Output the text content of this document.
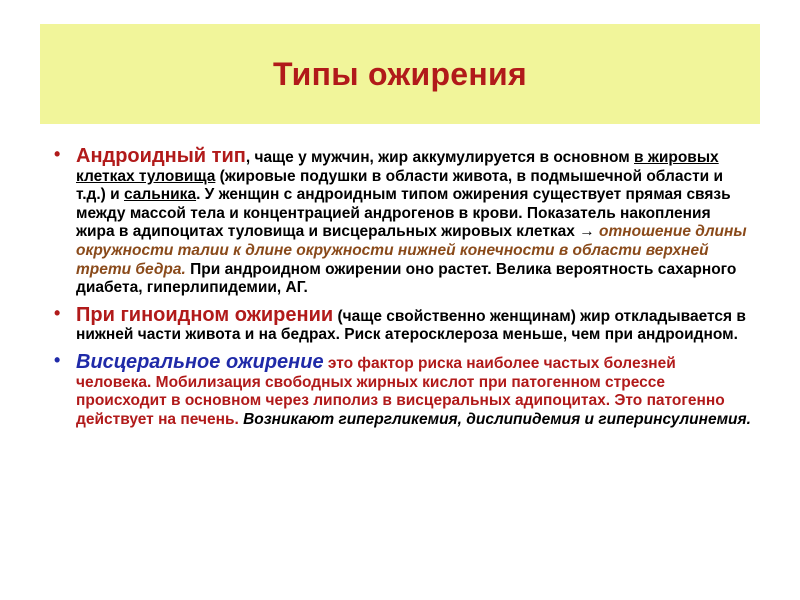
Типы ожирения
• Андроидный тип, чаще у мужчин, жир аккумулируется в основном в жировых клетках туловища (жировые подушки в области живота, в подмышечной области и т.д.) и сальника. У женщин с андроидным типом ожирения существует прямая связь между массой тела и концентрацией андрогенов в крови. Показатель накопления жира в адипоцитах туловища и висцеральных жировых клетках → отношение длины окружности талии к длине окружности нижней конечности в области верхней трети бедра. При андроидном ожирении оно растет. Велика вероятность сахарного диабета, гиперлипидемии, АГ.
• При гиноидном ожирении (чаще свойственно женщинам) жир откладывается в нижней части живота и на бедрах. Риск атеросклероза меньше, чем при андроидном.
• Висцеральное ожирение это фактор риска наиболее частых болезней человека. Мобилизация свободных жирных кислот при патогенном стрессе происходит в основном через липолиз в висцеральных адипоцитах. Это патогенно действует на печень. Возникают гипергликемия, дислипидемия и гиперинсулинемия.
